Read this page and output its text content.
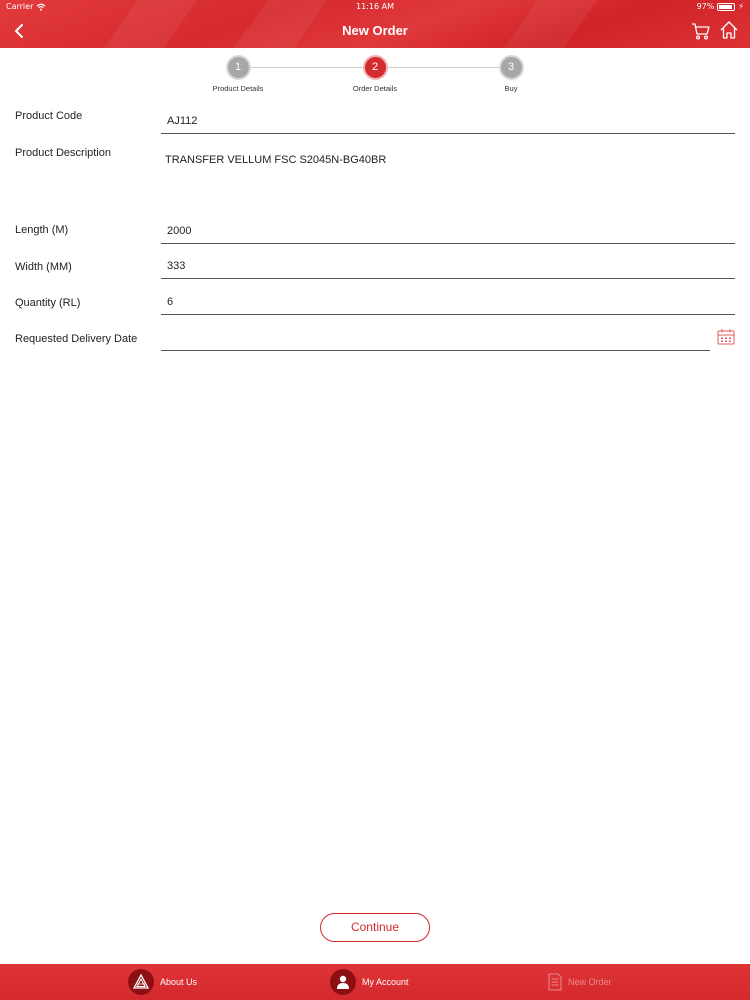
Carrier	11:16 AM	97%	⚡
New Order
1
Product Details
2
Order Details
3
Buy
Product Code	AJ112
Product Description
TRANSFER VELLUM FSC S2045N-BG40BR
Length (M)	2000
Width (MM)	333
Quantity (RL)	6
Requested Delivery Date
Continue
About Us	My Account	New Order
